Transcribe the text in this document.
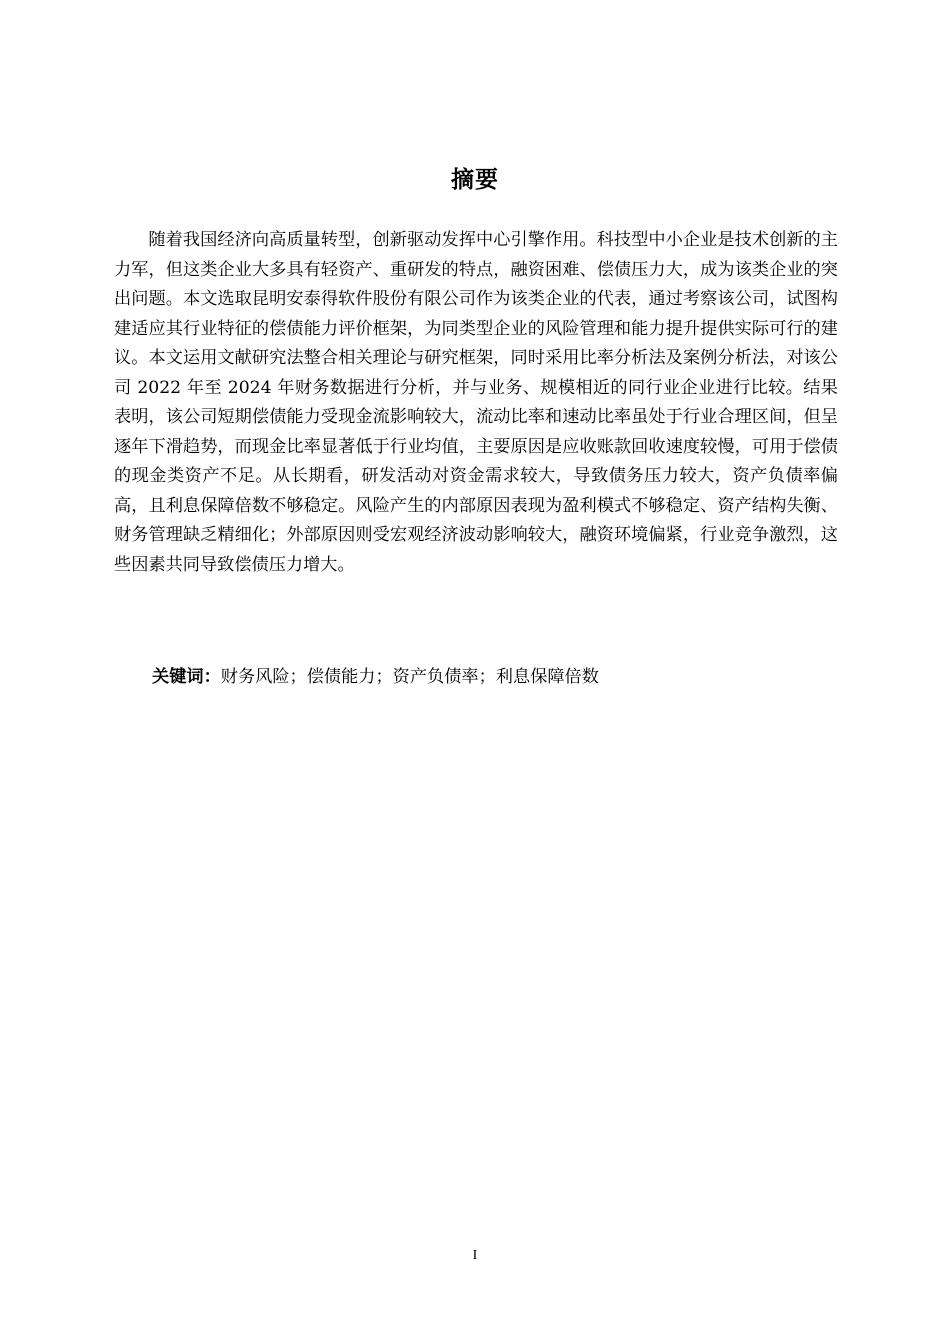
摘要

随着我国经济向高质量转型，创新驱动发挥中心引擎作用。科技型中小企业是技术创新的主力军，但这类企业大多具有轻资产、重研发的特点，融资困难、偿债压力大，成为该类企业的突出问题。本文选取昆明安泰得软件股份有限公司作为该类企业的代表，通过考察该公司，试图构建适应其行业特征的偿债能力评价框架，为同类型企业的风险管理和能力提升提供实际可行的建议。本文运用文献研究法整合相关理论与研究框架，同时采用比率分析法及案例分析法，对该公司 2022 年至 2024 年财务数据进行分析，并与业务、规模相近的同行业企业进行比较。结果表明，该公司短期偿债能力受现金流影响较大，流动比率和速动比率虽处于行业合理区间，但呈逐年下滑趋势，而现金比率显著低于行业均值，主要原因是应收账款回收速度较慢，可用于偿债的现金类资产不足。从长期看，研发活动对资金需求较大，导致债务压力较大，资产负债率偏高，且利息保障倍数不够稳定。风险产生的内部原因表现为盈利模式不够稳定、资产结构失衡、财务管理缺乏精细化；外部原因则受宏观经济波动影响较大，融资环境偏紧，行业竞争激烈，这些因素共同导致偿债压力增大。

关键词：财务风险；偿债能力；资产负债率；利息保障倍数
I
